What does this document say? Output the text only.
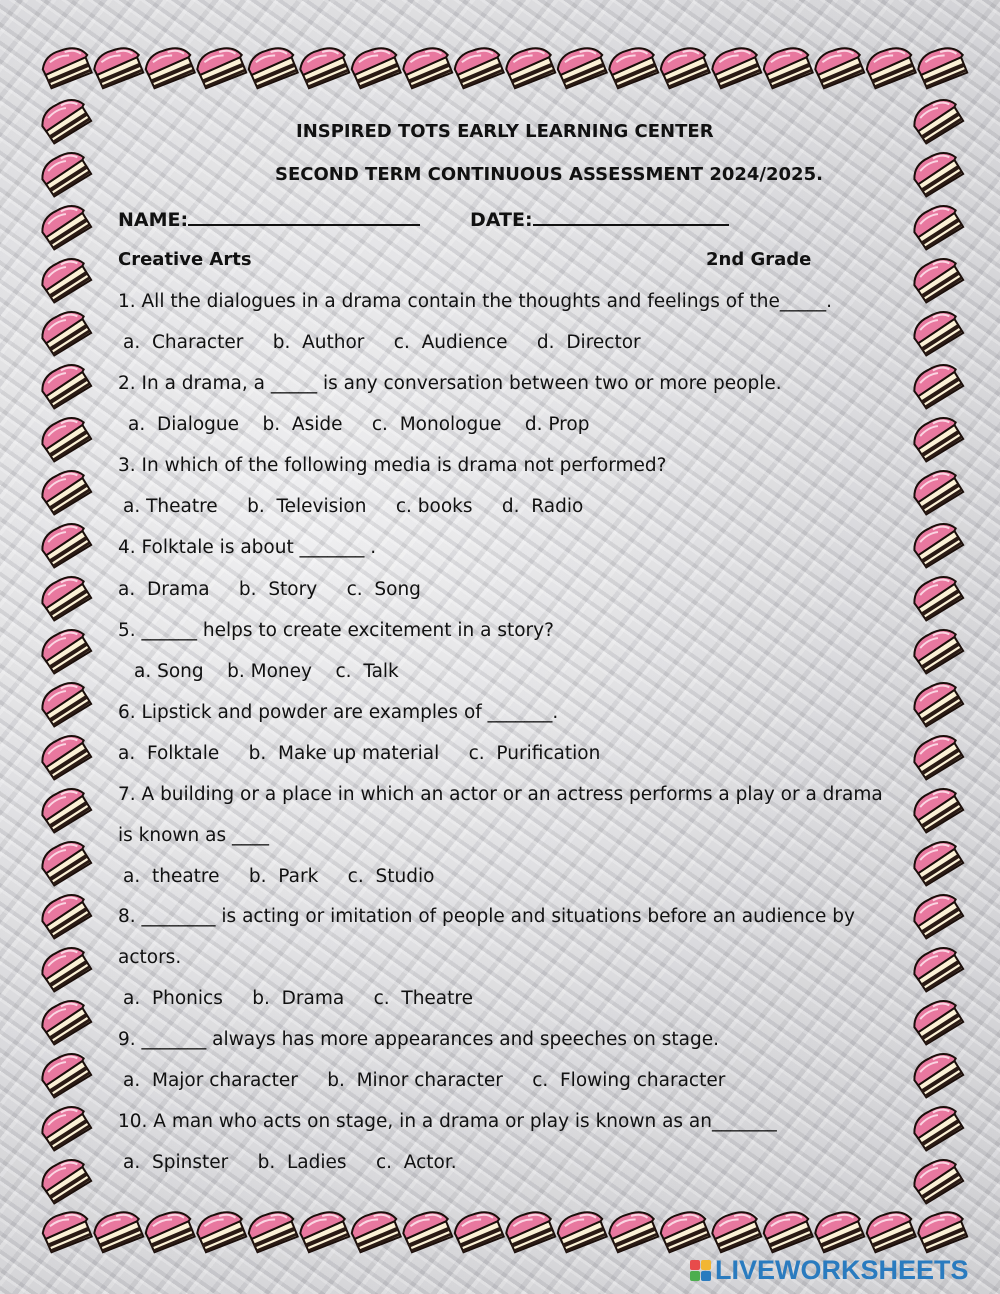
INSPIRED TOTS EARLY LEARNING CENTER
SECOND TERM CONTINUOUS ASSESSMENT 2024/2025.
NAME:	DATE:
Creative Arts	2nd Grade
1. All the dialogues in a drama contain the thoughts and feelings of the_____.
a.  Character     b.  Author     c.  Audience     d.  Director
2. In a drama, a _____ is any conversation between two or more people.
a.  Dialogue    b.  Aside     c.  Monologue    d. Prop
3. In which of the following media is drama not performed?
a. Theatre     b.  Television     c. books     d.  Radio
4. Folktale is about _______ .
a.  Drama     b.  Story     c.  Song
5. ______ helps to create excitement in a story?
a. Song    b. Money    c.  Talk
6. Lipstick and powder are examples of _______.
a.  Folktale     b.  Make up material     c.  Purification
7. A building or a place in which an actor or an actress performs a play or a drama
is known as ____
a.  theatre     b.  Park     c.  Studio
8. ________ is acting or imitation of people and situations before an audience by
actors.
a.  Phonics     b.  Drama     c.  Theatre
9. _______ always has more appearances and speeches on stage.
a.  Major character     b.  Minor character     c.  Flowing character
10. A man who acts on stage, in a drama or play is known as an_______
a.  Spinster     b.  Ladies     c.  Actor.
LIVEWORKSHEETS
